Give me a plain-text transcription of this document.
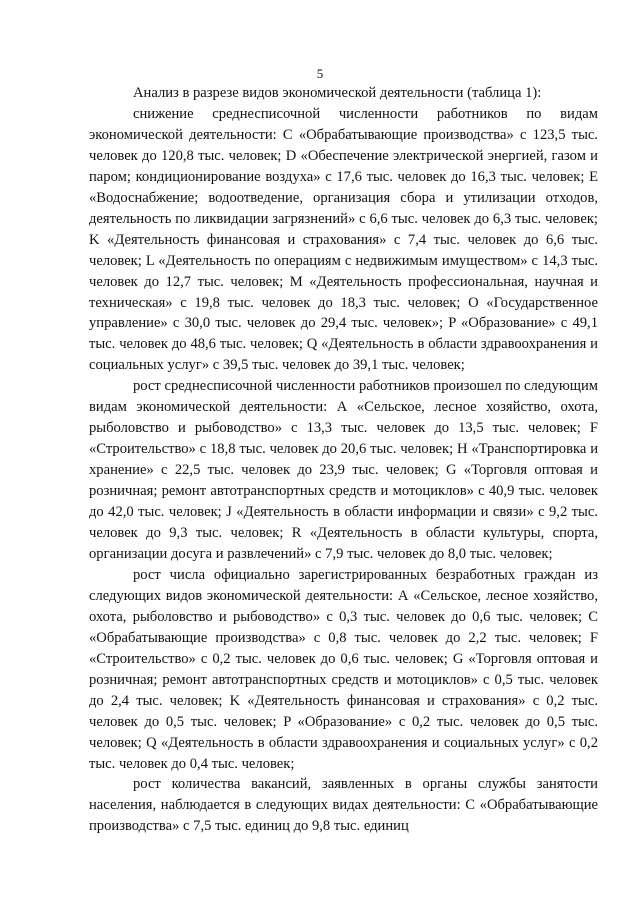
5

Анализ в разрезе видов экономической деятельности (таблица 1):

снижение среднесписочной численности работников по видам экономической деятельности: С «Обрабатывающие производства» с 123,5 тыс. человек до 120,8 тыс. человек; D «Обеспечение электрической энергией, газом и паром; кондиционирование воздуха» с 17,6 тыс. человек до 16,3 тыс. человек; E «Водоснабжение; водоотведение, организация сбора и утилизации отходов, деятельность по ликвидации загрязнений» с 6,6 тыс. человек до 6,3 тыс. человек; K «Деятельность финансовая и страхования» с 7,4 тыс. человек до 6,6 тыс. человек; L «Деятельность по операциям с недвижимым имуществом» с 14,3 тыс. человек до 12,7 тыс. человек; M «Деятельность профессиональная, научная и техническая» с 19,8 тыс. человек до 18,3 тыс. человек; О «Государственное управление» с 30,0 тыс. человек до 29,4 тыс. человек»; P «Образование» с 49,1 тыс. человек до 48,6 тыс. человек; Q «Деятельность в области здравоохранения и социальных услуг» с 39,5 тыс. человек до 39,1 тыс. человек;

рост среднесписочной численности работников произошел по следующим видам экономической деятельности: А «Сельское, лесное хозяйство, охота, рыболовство и рыбоводство» с 13,3 тыс. человек до 13,5 тыс. человек; F «Строительство» с 18,8 тыс. человек до 20,6 тыс. человек; H «Транспортировка и хранение» с 22,5 тыс. человек до 23,9 тыс. человек; G «Торговля оптовая и розничная; ремонт автотранспортных средств и мотоциклов» с 40,9 тыс. человек до 42,0 тыс. человек; J «Деятельность в области информации и связи» с 9,2 тыс. человек до 9,3 тыс. человек; R «Деятельность в области культуры, спорта, организации досуга и развлечений» с 7,9 тыс. человек до 8,0 тыс. человек;

рост числа официально зарегистрированных безработных граждан из следующих видов экономической деятельности: А «Сельское, лесное хозяйство, охота, рыболовство и рыбоводство» с 0,3 тыс. человек до 0,6 тыс. человек; C «Обрабатывающие производства» с 0,8 тыс. человек до 2,2 тыс. человек; F «Строительство» с 0,2 тыс. человек до 0,6 тыс. человек; G «Торговля оптовая и розничная; ремонт автотранспортных средств и мотоциклов» с 0,5 тыс. человек до 2,4 тыс. человек; K «Деятельность финансовая и страхования» с 0,2 тыс. человек до 0,5 тыс. человек; P «Образование» с 0,2 тыс. человек до 0,5 тыс. человек; Q «Деятельность в области здравоохранения и социальных услуг» с 0,2 тыс. человек до 0,4 тыс. человек;

рост количества вакансий, заявленных в органы службы занятости населения, наблюдается в следующих видах деятельности: С «Обрабатывающие производства» с 7,5 тыс. единиц до 9,8 тыс. единиц
